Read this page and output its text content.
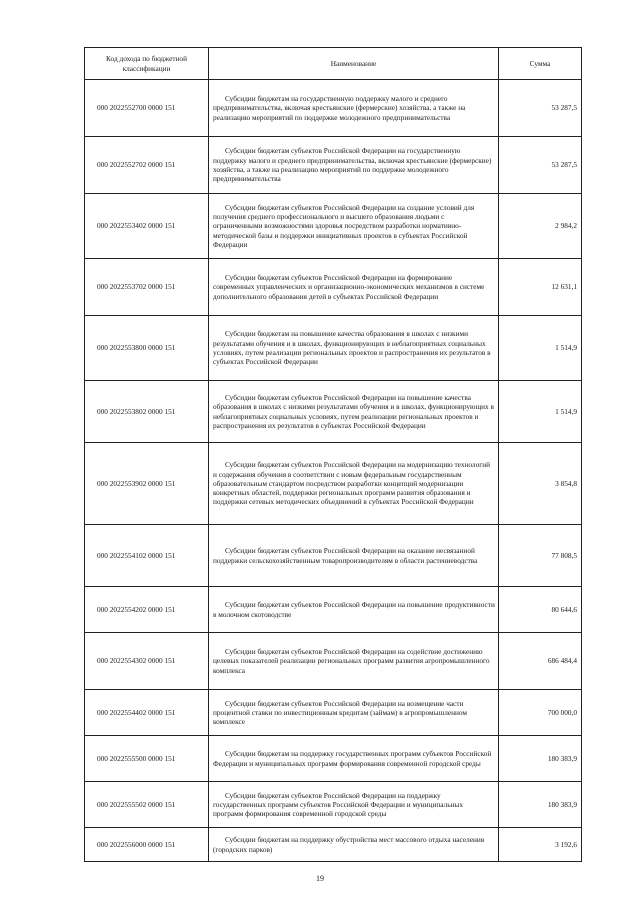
Код дохода по бюджетной классификации	Наименование	Сумма
000 2022552700 0000 151	Субсидии бюджетам на государственную поддержку малого и среднего предпринимательства, включая крестьянские (фермерские) хозяйства, а также на реализацию мероприятий по поддержке молодежного предпринимательства	53 287,5
000 2022552702 0000 151	Субсидии бюджетам субъектов Российской Федерации на государственную поддержку малого и среднего предпринимательства, включая крестьянские (фермерские) хозяйства, а также на реализацию мероприятий по поддержке молодежного предпринимательства	53 287,5
000 2022553402 0000 151	Субсидии бюджетам субъектов Российской Федерации на создание условий для получения среднего профессионального и высшего образования людьми с ограниченными возможностями здоровья посредством разработки нормативно-методической базы и поддержки инициативных проектов в субъектах Российской Федерации	2 984,2
000 2022553702 0000 151	Субсидии бюджетам субъектов Российской Федерации на формирование современных управленческих и организационно-экономических механизмов в системе дополнительного образования детей в субъектах Российской Федерации	12 631,1
000 2022553800 0000 151	Субсидии бюджетам на повышение качества образования в школах с низкими результатами обучения и в школах, функционирующих в неблагоприятных социальных условиях, путем реализации региональных проектов и распространения их результатов в субъектах Российской Федерации	1 514,9
000 2022553802 0000 151	Субсидии бюджетам субъектов Российской Федерации на повышение качества образования в школах с низкими результатами обучения и в школах, функционирующих в неблагоприятных социальных условиях, путем реализации региональных проектов и распространения их результатов в субъектах Российской Федерации	1 514,9
000 2022553902 0000 151	Субсидии бюджетам субъектов Российской Федерации на модернизацию технологий и содержания обучения в соответствии с новым федеральным государственным образовательным стандартом посредством разработки концепций модернизации конкретных областей, поддержки региональных программ развития образования и поддержки сетевых методических объединений в субъектах Российской Федерации	3 854,8
000 2022554102 0000 151	Субсидии бюджетам субъектов Российской Федерации на оказание несвязанной поддержки сельскохозяйственным товаропроизводителям в области растениеводства	77 808,5
000 2022554202 0000 151	Субсидии бюджетам субъектов Российской Федерации на повышение продуктивности в молочном скотоводстве	80 644,6
000 2022554302 0000 151	Субсидии бюджетам субъектов Российской Федерации на содействие достижению целевых показателей реализации региональных программ развития агропромышленного комплекса	686 484,4
000 2022554402 0000 151	Субсидии бюджетам субъектов Российской Федерации на возмещение части процентной ставки по инвестиционным кредитам (займам) в агропромышленном комплексе	700 000,0
000 2022555500 0000 151	Субсидии бюджетам на поддержку государственных программ субъектов Российской Федерации и муниципальных программ формирования современной городской среды	180 383,9
000 2022555502 0000 151	Субсидии бюджетам субъектов Российской Федерации на поддержку государственных программ субъектов Российской Федерации и муниципальных программ формирования современной городской среды	180 383,9
000 2022556000 0000 151	Субсидии бюджетам на поддержку обустройства мест массового отдыха населения (городских парков)	3 192,6
19
